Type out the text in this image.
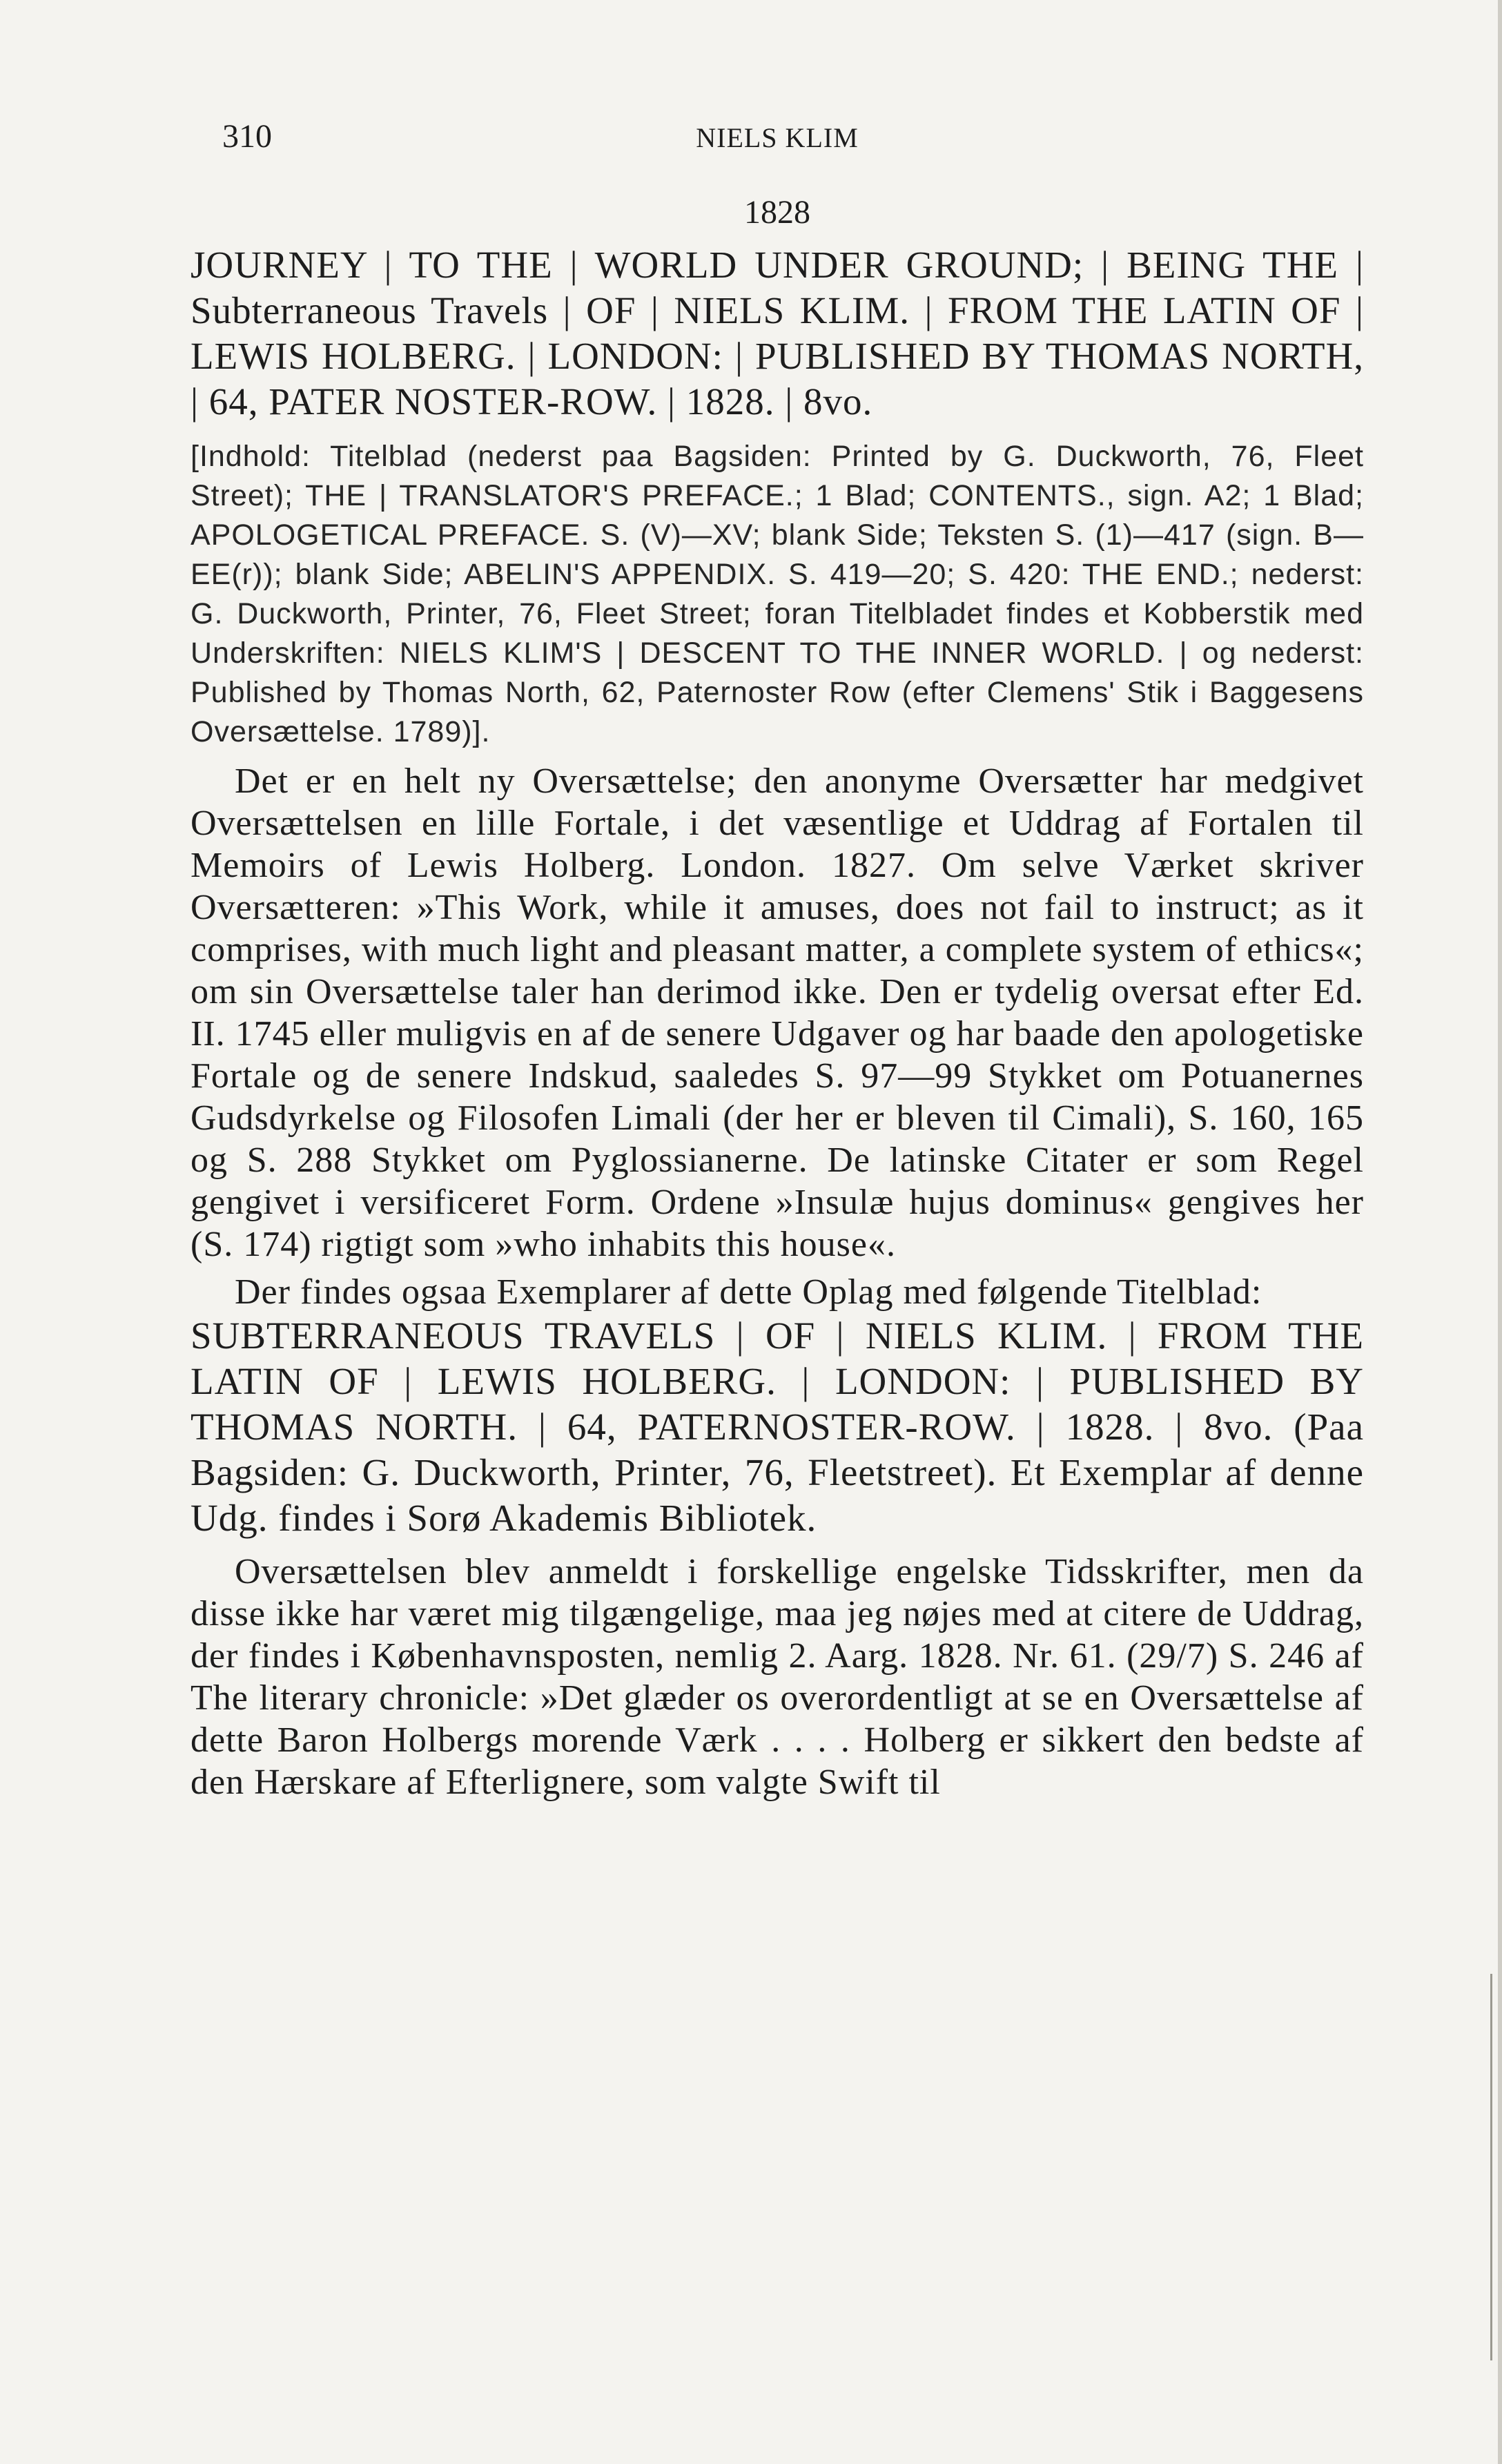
310	NIELS KLIM
1828

JOURNEY | TO THE | WORLD UNDER GROUND; | BEING THE | Subterraneous Travels | OF | NIELS KLIM. | FROM THE LATIN OF | LEWIS HOLBERG. | LONDON: | PUBLISHED BY THOMAS NORTH, | 64, PATER NOSTER-ROW. | 1828. | 8vo.

[Indhold: Titelblad (nederst paa Bagsiden: Printed by G. Duckworth, 76, Fleet Street); THE | TRANSLATOR'S PREFACE.; 1 Blad; CONTENTS., sign. A2; 1 Blad; APOLOGETICAL PREFACE. S. (V)—XV; blank Side; Teksten S. (1)—417 (sign. B—EE(r)); blank Side; ABELIN'S APPENDIX. S. 419—20; S. 420: THE END.; nederst: G. Duckworth, Printer, 76, Fleet Street; foran Titelbladet findes et Kobberstik med Underskriften: NIELS KLIM'S | DESCENT TO THE INNER WORLD. | og nederst: Published by Thomas North, 62, Paternoster Row (efter Clemens' Stik i Baggesens Oversættelse. 1789)].

Det er en helt ny Oversættelse; den anonyme Oversætter har medgivet Oversættelsen en lille Fortale, i det væsentlige et Uddrag af Fortalen til Memoirs of Lewis Holberg. London. 1827. Om selve Værket skriver Oversætteren: »This Work, while it amuses, does not fail to instruct; as it comprises, with much light and pleasant matter, a complete system of ethics«; om sin Oversættelse taler han derimod ikke. Den er tydelig oversat efter Ed. II. 1745 eller muligvis en af de senere Udgaver og har baade den apologetiske Fortale og de senere Indskud, saaledes S. 97—99 Stykket om Potuanernes Gudsdyrkelse og Filosofen Limali (der her er bleven til Cimali), S. 160, 165 og S. 288 Stykket om Pyglossianerne. De latinske Citater er som Regel gengivet i versificeret Form. Ordene »Insulæ hujus dominus« gengives her (S. 174) rigtigt som »who inhabits this house«.

Der findes ogsaa Exemplarer af dette Oplag med følgende Titelblad:

SUBTERRANEOUS TRAVELS | OF | NIELS KLIM. | FROM THE LATIN OF | LEWIS HOLBERG. | LONDON: | PUBLISHED BY THOMAS NORTH. | 64, PATERNOSTER-ROW. | 1828. | 8vo. (Paa Bagsiden: G. Duckworth, Printer, 76, Fleetstreet). Et Exemplar af denne Udg. findes i Sorø Akademis Bibliotek.

Oversættelsen blev anmeldt i forskellige engelske Tidsskrifter, men da disse ikke har været mig tilgængelige, maa jeg nøjes med at citere de Uddrag, der findes i Københavnsposten, nemlig 2. Aarg. 1828. Nr. 61. (29/7) S. 246 af The literary chronicle: »Det glæder os overordentligt at se en Oversættelse af dette Baron Holbergs morende Værk . . . . Holberg er sikkert den bedste af den Hærskare af Efterlignere, som valgte Swift til
